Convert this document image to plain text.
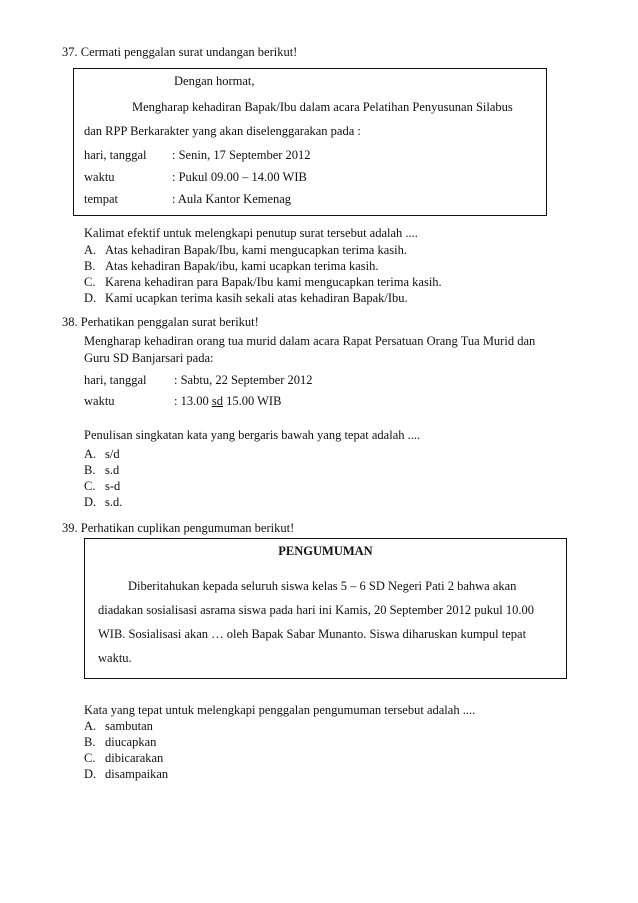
37. Cermati penggalan surat undangan berikut!
Dengan hormat,
Mengharap kehadiran Bapak/Ibu dalam acara Pelatihan Penyusunan Silabus
dan RPP Berkarakter yang akan diselenggarakan pada :
hari, tanggal : Senin, 17 September 2012
waktu	: Pukul 09.00 – 14.00 WIB
tempat	: Aula Kantor Kemenag
Kalimat efektif untuk melengkapi penutup surat tersebut adalah ....
A. Atas kehadiran Bapak/Ibu, kami mengucapkan terima kasih.
B. Atas kehadiran Bapak/ibu, kami ucapkan terima kasih.
C. Karena kehadiran para Bapak/Ibu kami mengucapkan terima kasih.
D. Kami ucapkan terima kasih sekali atas kehadiran Bapak/Ibu.
38. Perhatikan penggalan surat berikut!
Mengharap kehadiran orang tua murid dalam acara Rapat Persatuan Orang Tua Murid dan
Guru SD Banjarsari pada:
hari, tanggal : Sabtu, 22 September 2012
waktu	: 13.00 sd 15.00 WIB
Penulisan singkatan kata yang bergaris bawah yang tepat adalah ....
A. s/d
B. s.d
C. s-d
D. s.d.
39. Perhatikan cuplikan pengumuman berikut!
PENGUMUMAN
Diberitahukan kepada seluruh siswa kelas 5 – 6 SD Negeri Pati 2 bahwa akan
diadakan sosialisasi asrama siswa pada hari ini Kamis, 20 September 2012 pukul 10.00
WIB. Sosialisasi akan … oleh Bapak Sabar Munanto. Siswa diharuskan kumpul tepat
waktu.
Kata yang tepat untuk melengkapi penggalan pengumuman tersebut adalah ....
A. sambutan
B. diucapkan
C. dibicarakan
D. disampaikan
